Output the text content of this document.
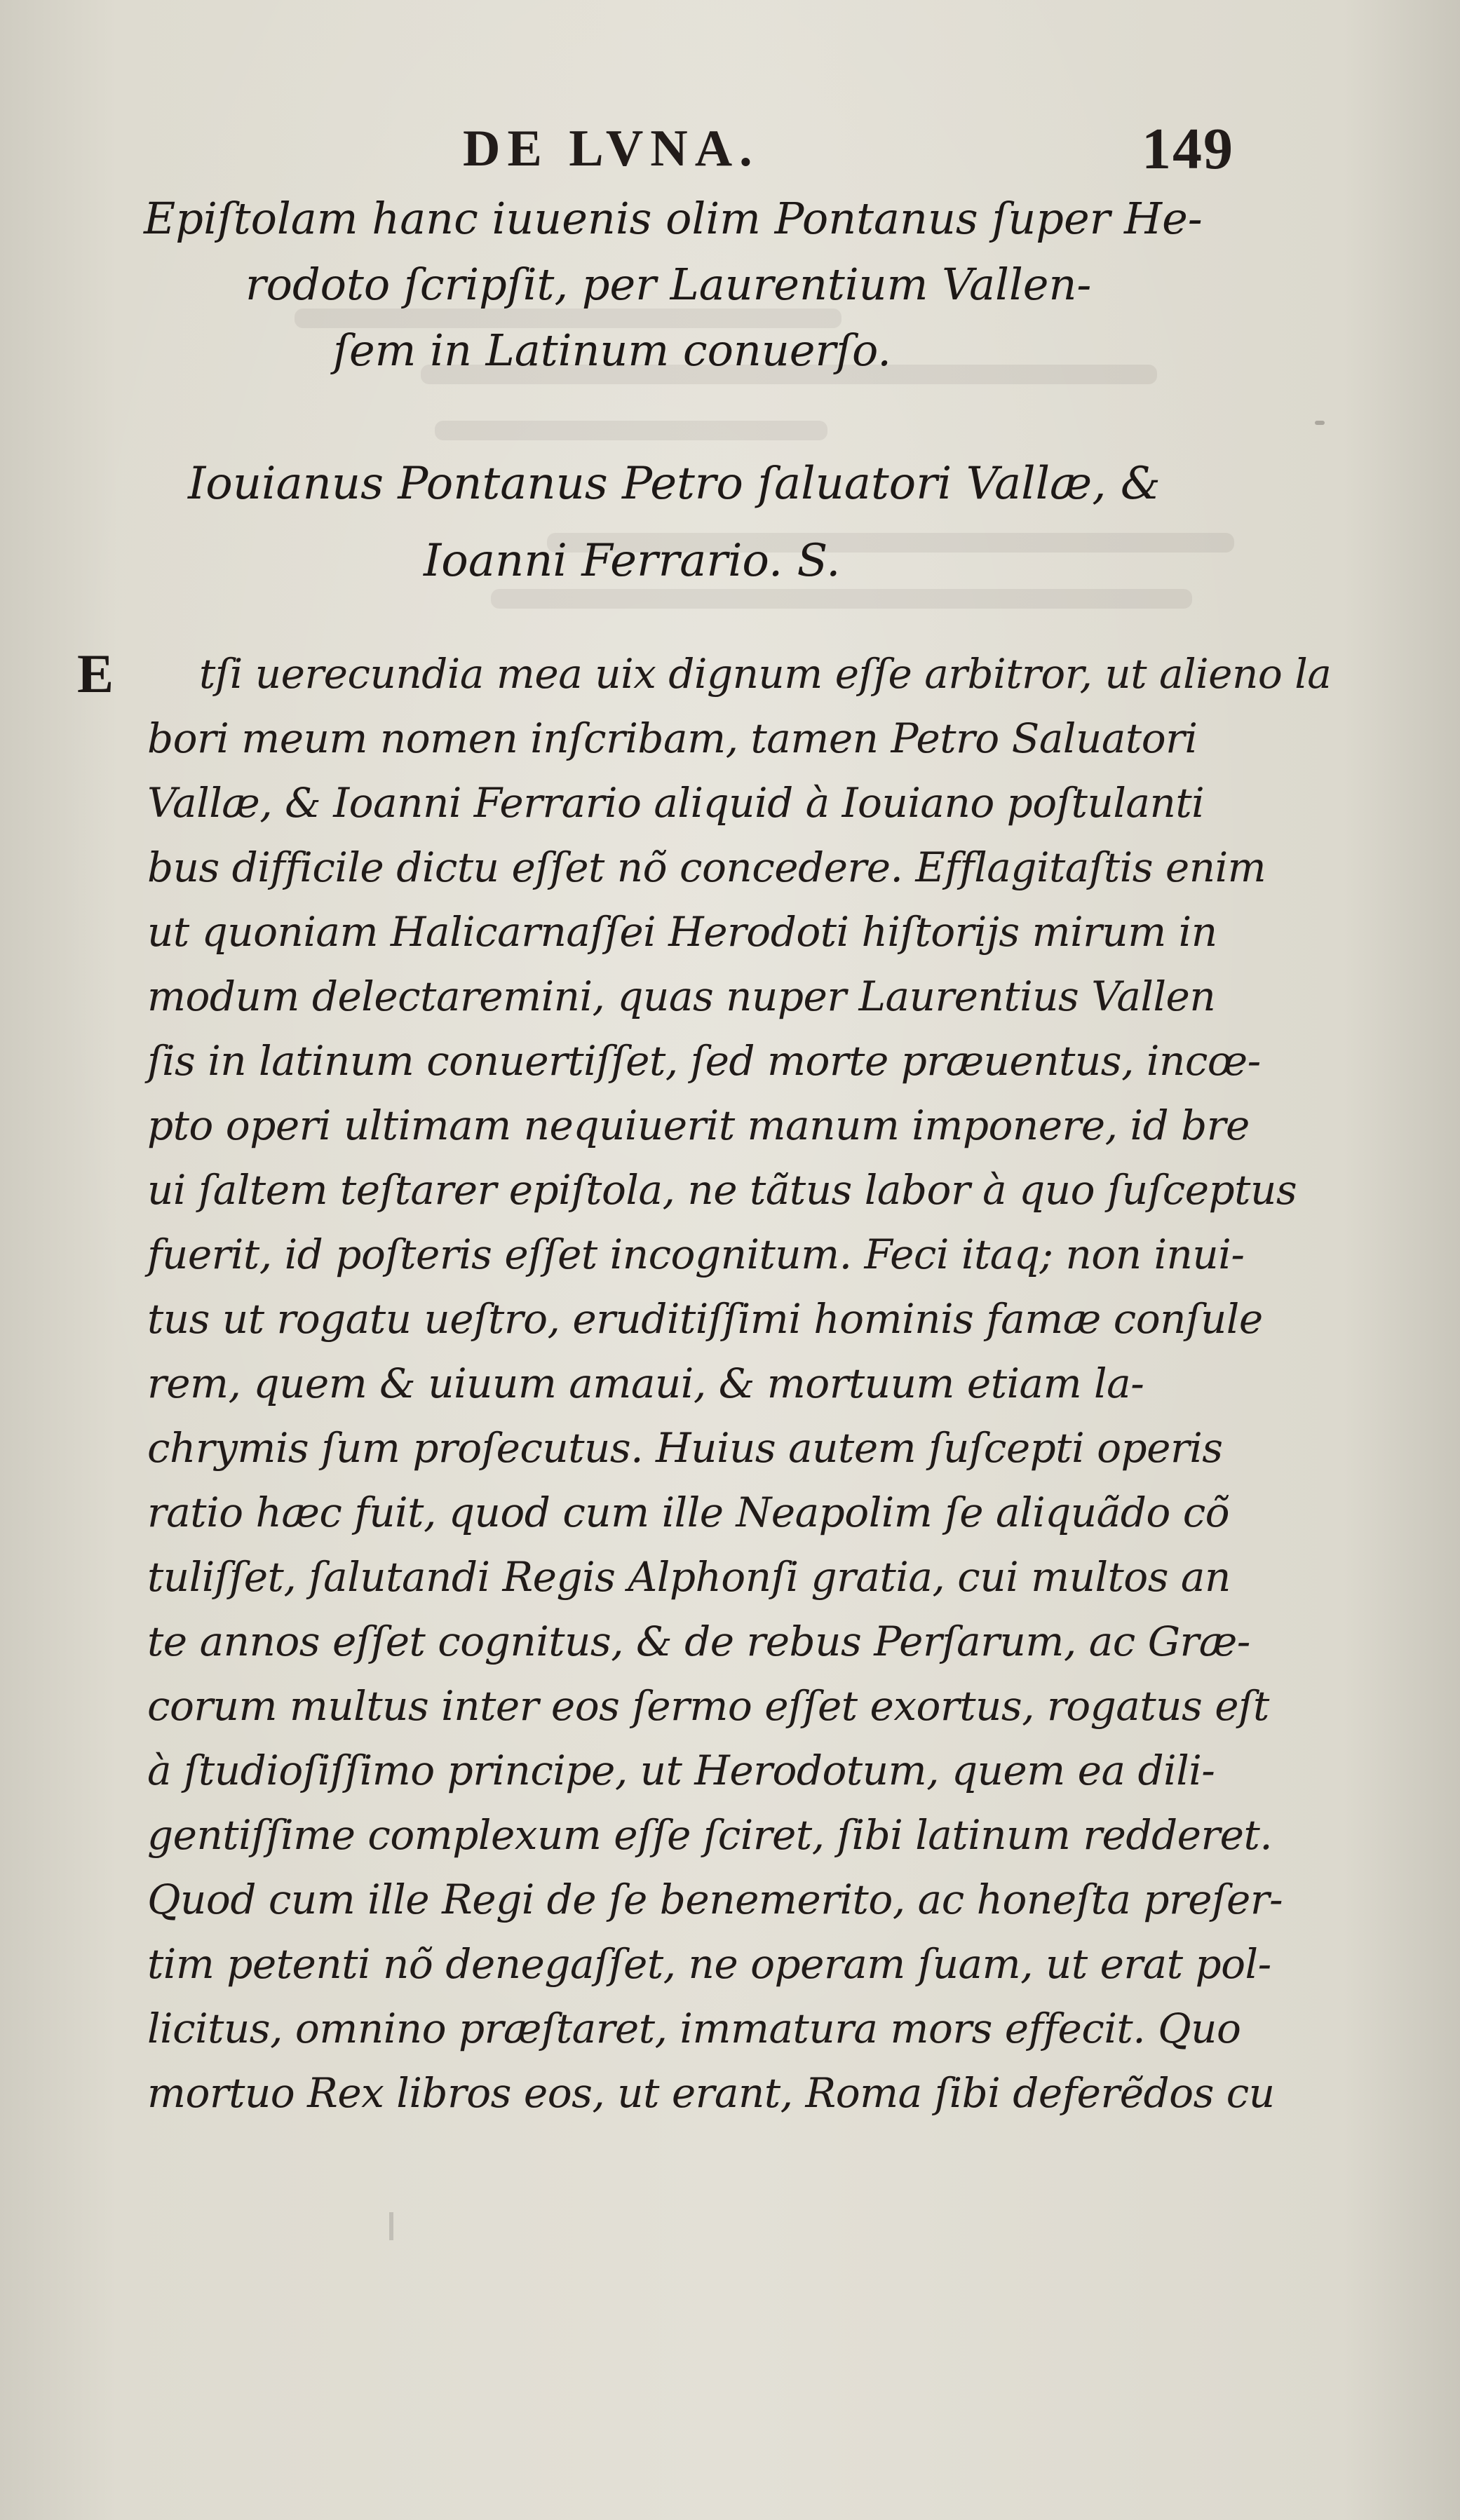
DE LVNA.	149
Epiſtolam hanc iuuenis olim Pontanus ſuper He-
rodoto ſcripſit, per Laurentium Vallen-
ſem in Latinum conuerſo.
Iouianus Pontanus Petro ſaluatori Vallæ, &
Ioanni Ferrario. S.
E	tſi uerecundia mea uix dignum eſſe arbitror, ut alieno la
bori meum nomen inſcribam, tamen Petro Saluatori
Vallæ, & Ioanni Ferrario aliquid à Iouiano poſtulanti
bus difficile dictu eſſet nõ concedere. Efflagitaſtis enim
ut quoniam Halicarnaſſei Herodoti hiſtorijs mirum in
modum delectaremini, quas nuper Laurentius Vallen
ſis in latinum conuertiſſet, ſed morte præuentus, incœ-
pto operi ultimam nequiuerit manum imponere, id bre
ui ſaltem teſtarer epiſtola, ne tãtus labor à quo ſuſceptus
fuerit, id poſteris eſſet incognitum. Feci itaq; non inui-
tus ut rogatu ueſtro, eruditiſſimi hominis famæ conſule
rem, quem & uiuum amaui, & mortuum etiam la-
chrymis ſum proſecutus. Huius autem ſuſcepti operis
ratio hæc fuit, quod cum ille Neapolim ſe aliquãdo cõ
tuliſſet, ſalutandi Regis Alphonſi gratia, cui multos an
te annos eſſet cognitus, & de rebus Perſarum, ac Græ-
corum multus inter eos ſermo eſſet exortus, rogatus eſt
à ſtudioſiſſimo principe, ut Herodotum, quem ea dili-
gentiſſime complexum eſſe ſciret, ſibi latinum redderet.
Quod cum ille Regi de ſe benemerito, ac honeſta preſer-
tim petenti nõ denegaſſet, ne operam ſuam, ut erat pol-
licitus, omnino præſtaret, immatura mors effecit. Quo
mortuo Rex libros eos, ut erant, Roma ſibi deferẽdos cu
